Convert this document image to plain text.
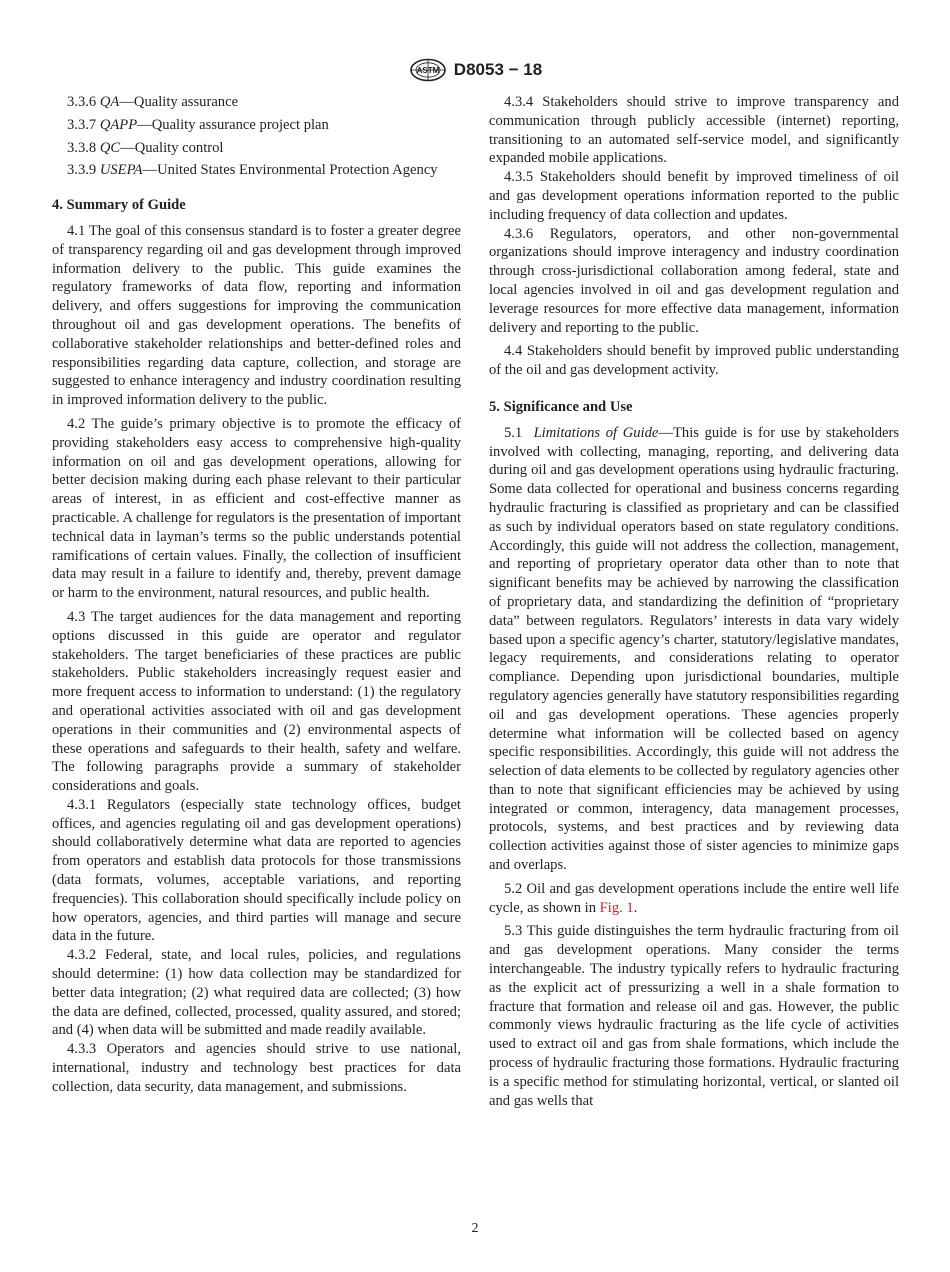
ASTM D8053 − 18

3.3.6 QA—Quality assurance

3.3.7 QAPP—Quality assurance project plan

3.3.8 QC—Quality control

3.3.9 USEPA—United States Environmental Protection Agency

4. Summary of Guide

4.1 The goal of this consensus standard is to foster a greater degree of transparency regarding oil and gas development through improved information delivery to the public. This guide examines the regulatory frameworks of data flow, reporting and information delivery, and offers suggestions for improving the communication throughout oil and gas development operations. The benefits of collaborative stakeholder relationships and better-defined roles and responsibilities regarding data capture, collection, and storage are suggested to enhance interagency and industry coordination resulting in improved information delivery to the public.

4.2 The guide’s primary objective is to promote the efficacy of providing stakeholders easy access to comprehensive high-quality information on oil and gas development operations, allowing for better decision making during each phase relevant to their particular areas of interest, in as efficient and cost-effective manner as practicable. A challenge for regulators is the presentation of important technical data in layman’s terms so the public understands potential ramifications of certain values. Finally, the collection of insufficient data may result in a failure to identify and, thereby, prevent damage or harm to the environment, natural resources, and public health.

4.3 The target audiences for the data management and reporting options discussed in this guide are operator and regulator stakeholders. The target beneficiaries of these practices are public stakeholders. Public stakeholders increasingly request easier and more frequent access to information to understand: (1) the regulatory and operational activities associated with oil and gas development operations in their communities and (2) environmental aspects of these operations and safeguards to their health, safety and welfare. The following paragraphs provide a summary of stakeholder considerations and goals.

4.3.1 Regulators (especially state technology offices, budget offices, and agencies regulating oil and gas development operations) should collaboratively determine what data are reported to agencies from operators and establish data protocols for those transmissions (data formats, volumes, acceptable variations, and reporting frequencies). This collaboration should specifically include policy on how operators, agencies, and third parties will manage and secure data in the future.

4.3.2 Federal, state, and local rules, policies, and regulations should determine: (1) how data collection may be standardized for better data integration; (2) what required data are collected; (3) how the data are defined, collected, processed, quality assured, and stored; and (4) when data will be submitted and made readily available.

4.3.3 Operators and agencies should strive to use national, international, industry and technology best practices for data collection, data security, data management, and submissions.

4.3.4 Stakeholders should strive to improve transparency and communication through publicly accessible (internet) reporting, transitioning to an automated self-service model, and significantly expanded mobile applications.

4.3.5 Stakeholders should benefit by improved timeliness of oil and gas development operations information reported to the public including frequency of data collection and updates.

4.3.6 Regulators, operators, and other non-governmental organizations should improve interagency and industry coordination through cross-jurisdictional collaboration among federal, state and local agencies involved in oil and gas development regulation and leverage resources for more effective data management, information delivery and reporting to the public.

4.4 Stakeholders should benefit by improved public understanding of the oil and gas development activity.

5. Significance and Use

5.1 Limitations of Guide—This guide is for use by stakeholders involved with collecting, managing, reporting, and delivering data during oil and gas development operations using hydraulic fracturing. Some data collected for operational and business concerns regarding hydraulic fracturing is classified as proprietary and can be classified as such by individual operators based on state regulatory conditions. Accordingly, this guide will not address the collection, management, and reporting of proprietary operator data other than to note that significant benefits may be achieved by narrowing the classification of proprietary data, and standardizing the definition of “proprietary data” between regulators. Regulators’ interests in data vary widely based upon a specific agency’s charter, statutory/legislative mandates, legacy requirements, and considerations relating to operator compliance. Depending upon jurisdictional boundaries, multiple regulatory agencies generally have statutory responsibilities regarding oil and gas development operations. These agencies properly determine what information will be collected based on agency specific responsibilities. Accordingly, this guide will not address the selection of data elements to be collected by regulatory agencies other than to note that significant efficiencies may be achieved by using integrated or common, interagency, data management processes, protocols, systems, and best practices and by reviewing data collection activities against those of sister agencies to minimize gaps and overlaps.

5.2 Oil and gas development operations include the entire well life cycle, as shown in Fig. 1.

5.3 This guide distinguishes the term hydraulic fracturing from oil and gas development operations. Many consider the terms interchangeable. The industry typically refers to hydraulic fracturing as the explicit act of pressurizing a well in a shale formation to fracture that formation and release oil and gas. However, the public commonly views hydraulic fracturing as the life cycle of activities used to extract oil and gas from shale formations, which include the process of hydraulic fracturing those formations. Hydraulic fracturing is a specific method for stimulating horizontal, vertical, or slanted oil and gas wells that

2
